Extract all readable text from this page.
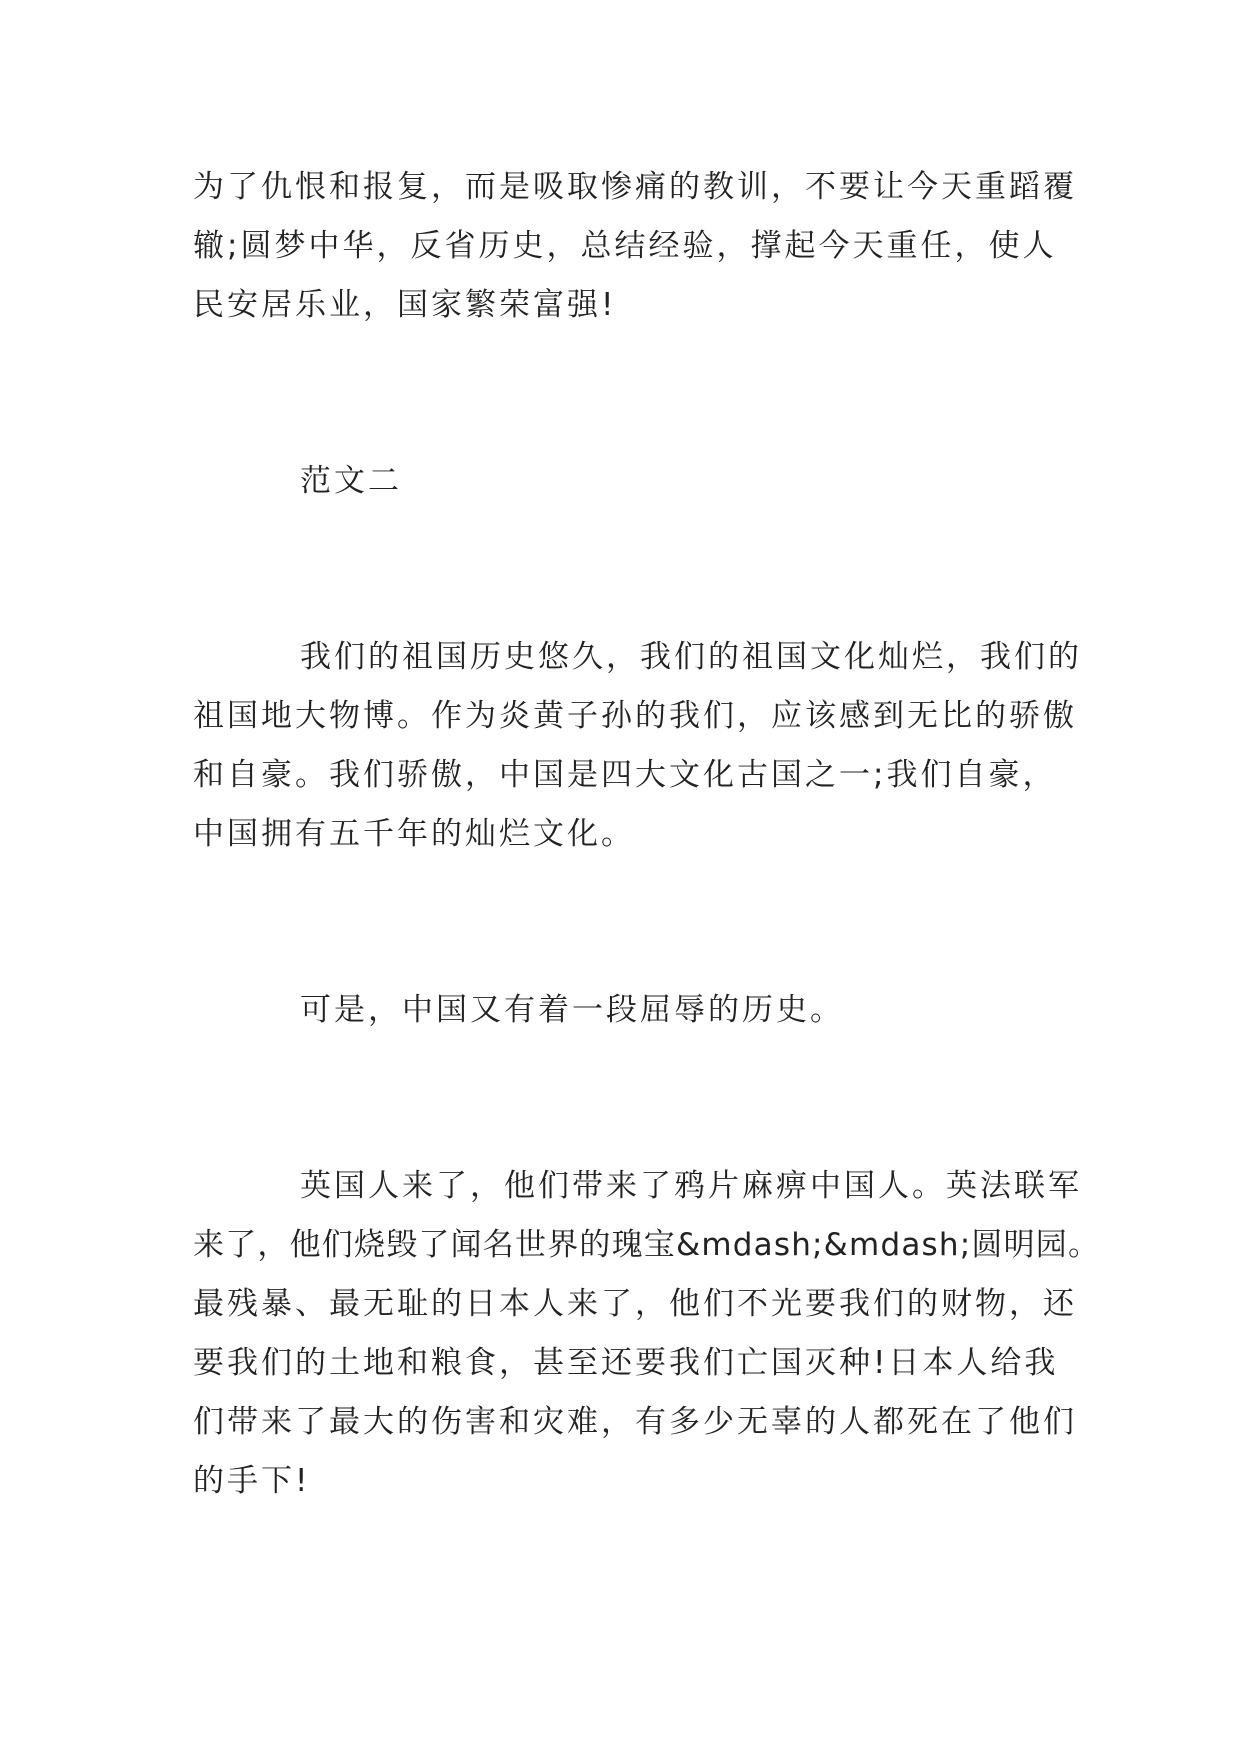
为了仇恨和报复，而是吸取惨痛的教训，不要让今天重蹈覆
辙;圆梦中华，反省历史，总结经验，撑起今天重任，使人
民安居乐业，国家繁荣富强!
范文二
我们的祖国历史悠久，我们的祖国文化灿烂，我们的
祖国地大物博。作为炎黄子孙的我们，应该感到无比的骄傲
和自豪。我们骄傲，中国是四大文化古国之一;我们自豪，
中国拥有五千年的灿烂文化。
可是，中国又有着一段屈辱的历史。
英国人来了，他们带来了鸦片麻痹中国人。英法联军
来了，他们烧毁了闻名世界的瑰宝&mdash;&mdash;圆明园。
最残暴、最无耻的日本人来了，他们不光要我们的财物，还
要我们的土地和粮食，甚至还要我们亡国灭种!日本人给我
们带来了最大的伤害和灾难，有多少无辜的人都死在了他们
的手下!
